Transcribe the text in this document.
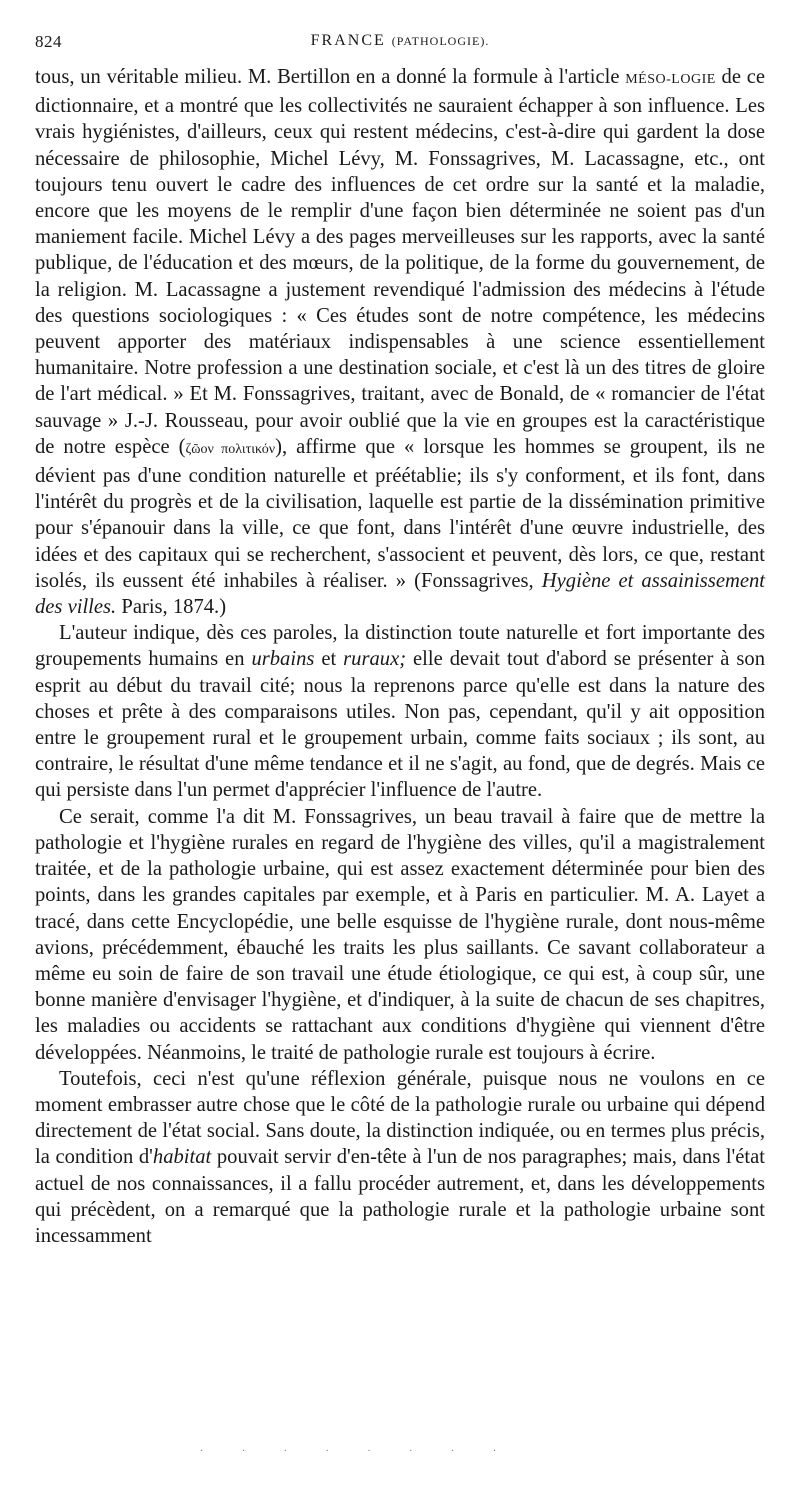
824	FRANCE (PATHOLOGIE).

tous, un véritable milieu. M. Bertillon en a donné la formule à l'article MÉSO-LOGIE de ce dictionnaire, et a montré que les collectivités ne sauraient échapper à son influence. Les vrais hygiénistes, d'ailleurs, ceux qui restent médecins, c'est-à-dire qui gardent la dose nécessaire de philosophie, Michel Lévy, M. Fonssagrives, M. Lacassagne, etc., ont toujours tenu ouvert le cadre des influences de cet ordre sur la santé et la maladie, encore que les moyens de le remplir d'une façon bien déterminée ne soient pas d'un maniement facile. Michel Lévy a des pages merveilleuses sur les rapports, avec la santé publique, de l'éducation et des mœurs, de la politique, de la forme du gouvernement, de la religion. M. Lacassagne a justement revendiqué l'admission des médecins à l'étude des questions sociologiques : « Ces études sont de notre compétence, les médecins peuvent apporter des matériaux indispensables à une science essentiellement humanitaire. Notre profession a une destination sociale, et c'est là un des titres de gloire de l'art médical. » Et M. Fonssagrives, traitant, avec de Bonald, de « romancier de l'état sauvage » J.-J. Rousseau, pour avoir oublié que la vie en groupes est la caractéristique de notre espèce (ζῶον πολιτικόν), affirme que « lorsque les hommes se groupent, ils ne dévient pas d'une condition naturelle et préétablie; ils s'y conforment, et ils font, dans l'intérêt du progrès et de la civilisation, laquelle est partie de la dissémination primitive pour s'épanouir dans la ville, ce que font, dans l'intérêt d'une œuvre industrielle, des idées et des capitaux qui se recherchent, s'associent et peuvent, dès lors, ce que, restant isolés, ils eussent été inhabiles à réaliser. » (Fonssagrives, Hygiène et assainissement des villes. Paris, 1874.)

L'auteur indique, dès ces paroles, la distinction toute naturelle et fort importante des groupements humains en urbains et ruraux; elle devait tout d'abord se présenter à son esprit au début du travail cité; nous la reprenons parce qu'elle est dans la nature des choses et prête à des comparaisons utiles. Non pas, cependant, qu'il y ait opposition entre le groupement rural et le groupement urbain, comme faits sociaux ; ils sont, au contraire, le résultat d'une même tendance et il ne s'agit, au fond, que de degrés. Mais ce qui persiste dans l'un permet d'apprécier l'influence de l'autre.

Ce serait, comme l'a dit M. Fonssagrives, un beau travail à faire que de mettre la pathologie et l'hygiène rurales en regard de l'hygiène des villes, qu'il a magistralement traitée, et de la pathologie urbaine, qui est assez exactement déterminée pour bien des points, dans les grandes capitales par exemple, et à Paris en particulier. M. A. Layet a tracé, dans cette Encyclopédie, une belle esquisse de l'hygiène rurale, dont nous-même avions, précédemment, ébauché les traits les plus saillants. Ce savant collaborateur a même eu soin de faire de son travail une étude étiologique, ce qui est, à coup sûr, une bonne manière d'envisager l'hygiène, et d'indiquer, à la suite de chacun de ses chapitres, les maladies ou accidents se rattachant aux conditions d'hygiène qui viennent d'être développées. Néanmoins, le traité de pathologie rurale est toujours à écrire.

Toutefois, ceci n'est qu'une réflexion générale, puisque nous ne voulons en ce moment embrasser autre chose que le côté de la pathologie rurale ou urbaine qui dépend directement de l'état social. Sans doute, la distinction indiquée, ou en termes plus précis, la condition d'habitat pouvait servir d'en-tête à l'un de nos paragraphes; mais, dans l'état actuel de nos connaissances, il a fallu procéder autrement, et, dans les développements qui précèdent, on a remarqué que la pathologie rurale et la pathologie urbaine sont incessamment

· · · · · · · ·
